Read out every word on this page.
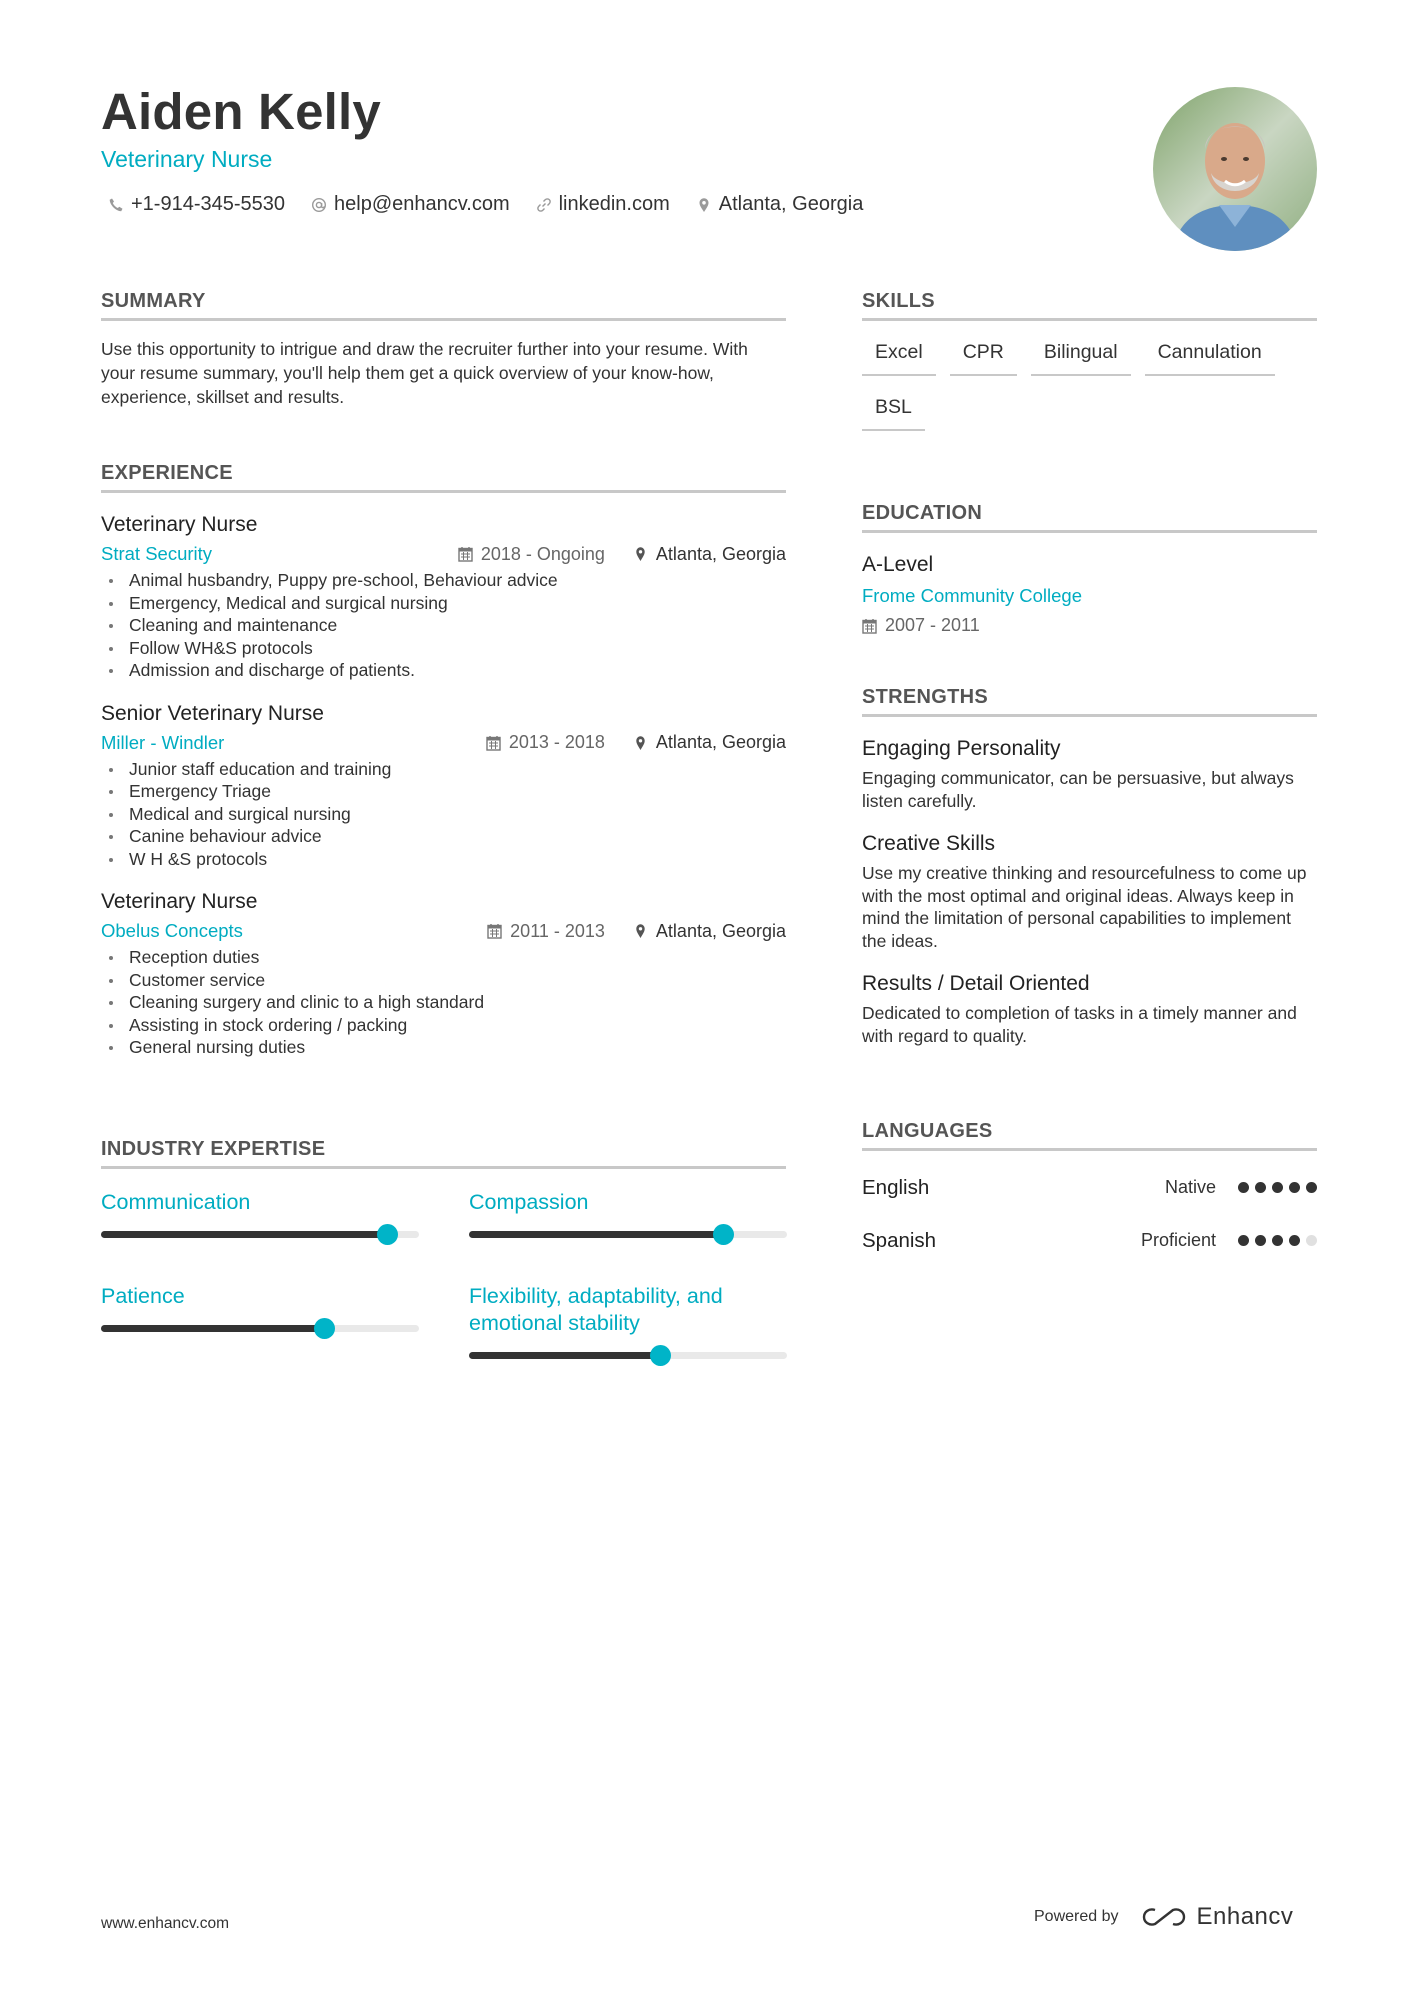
Aiden Kelly
Veterinary Nurse
+1-914-345-5530 help@enhancv.com linkedin.com Atlanta, Georgia
SUMMARY

Use this opportunity to intrigue and draw the recruiter further into your resume. With your resume summary, you'll help them get a quick overview of your know-how, experience, skillset and results.

EXPERIENCE
Veterinary Nurse
Strat Security	2018 - Ongoing	Atlanta, Georgia
Animal husbandry, Puppy pre-school, Behaviour advice
Emergency, Medical and surgical nursing
Cleaning and maintenance
Follow WH&S protocols
Admission and discharge of patients.
Senior Veterinary Nurse
Miller - Windler	2013 - 2018	Atlanta, Georgia
Junior staff education and training
Emergency Triage
Medical and surgical nursing
Canine behaviour advice
W H &S protocols
Veterinary Nurse
Obelus Concepts	2011 - 2013	Atlanta, Georgia
Reception duties
Customer service
Cleaning surgery and clinic to a high standard
Assisting in stock ordering / packing
General nursing duties
INDUSTRY EXPERTISE
Communication	Compassion
Patience	Flexibility, adaptability, and emotional stability
SKILLS
Excel	CPR	Bilingual	Cannulation
BSL
EDUCATION
A-Level
Frome Community College
2007 - 2011
STRENGTHS
Engaging Personality
Engaging communicator, can be persuasive, but always listen carefully.
Creative Skills
Use my creative thinking and resourcefulness to come up with the most optimal and original ideas. Always keep in mind the limitation of personal capabilities to implement the ideas.
Results / Detail Oriented
Dedicated to completion of tasks in a timely manner and with regard to quality.
LANGUAGES
English	Native
Spanish	Proficient
www.enhancv.com	Powered by	Enhancv
